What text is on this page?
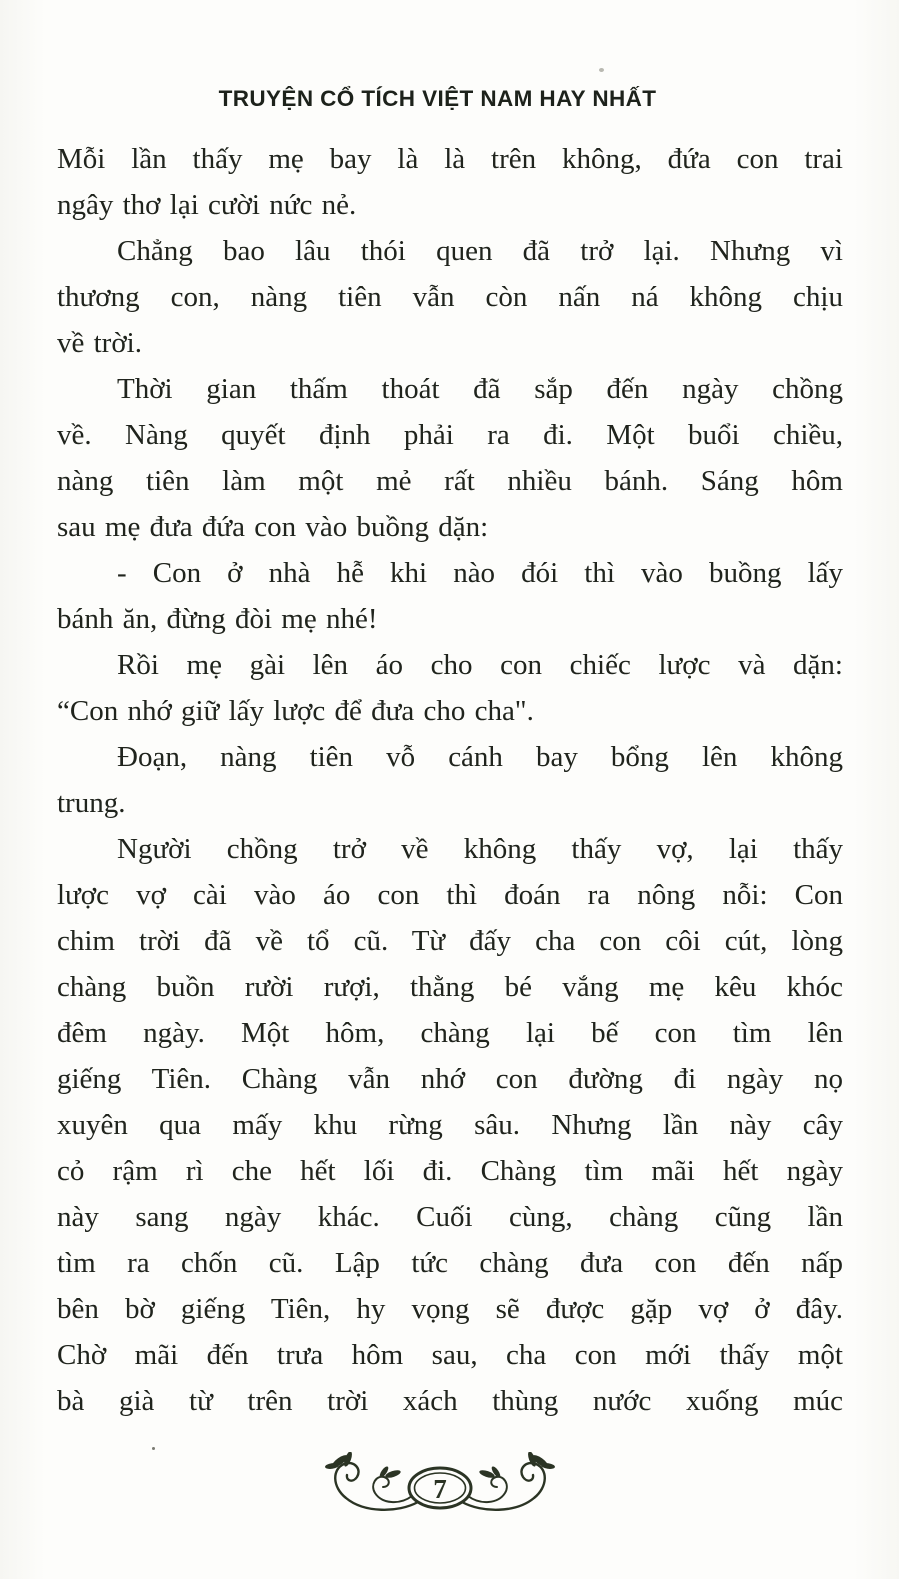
TRUYỆN CỔ TÍCH VIỆT NAM HAY NHẤT
Mỗi lần thấy mẹ bay là là trên không, đứa con trai
ngây thơ lại cười nức nẻ.
Chẳng bao lâu thói quen đã trở lại. Nhưng vì
thương con, nàng tiên vẫn còn nấn ná không chịu
về trời.
Thời gian thấm thoát đã sắp đến ngày chồng
về. Nàng quyết định phải ra đi. Một buổi chiều,
nàng tiên làm một mẻ rất nhiều bánh. Sáng hôm
sau mẹ đưa đứa con vào buồng dặn:
- Con ở nhà hễ khi nào đói thì vào buồng lấy
bánh ăn, đừng đòi mẹ nhé!
Rồi mẹ gài lên áo cho con chiếc lược và dặn:
“Con nhớ giữ lấy lược để đưa cho cha".
Đoạn, nàng tiên vỗ cánh bay bổng lên không
trung.
Người chồng trở về không thấy vợ, lại thấy
lược vợ cài vào áo con thì đoán ra nông nỗi: Con
chim trời đã về tổ cũ. Từ đấy cha con côi cút, lòng
chàng buồn rười rượi, thằng bé vắng mẹ kêu khóc
đêm ngày. Một hôm, chàng lại bế con tìm lên
giếng Tiên. Chàng vẫn nhớ con đường đi ngày nọ
xuyên qua mấy khu rừng sâu. Nhưng lần này cây
cỏ rậm rì che hết lối đi. Chàng tìm mãi hết ngày
này sang ngày khác. Cuối cùng, chàng cũng lần
tìm ra chốn cũ. Lập tức chàng đưa con đến nấp
bên bờ giếng Tiên, hy vọng sẽ được gặp vợ ở đây.
Chờ mãi đến trưa hôm sau, cha con mới thấy một
bà già từ trên trời xách thùng nước xuống múc
7
